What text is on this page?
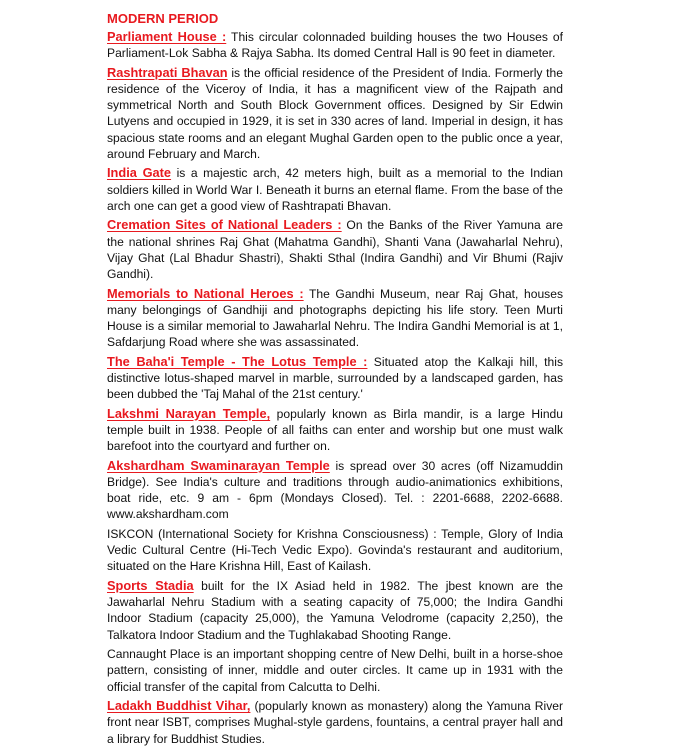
MODERN PERIOD

Parliament House : This circular colonnaded building houses the two Houses of Parliament-Lok Sabha & Rajya Sabha. Its domed Central Hall is 90 feet in diameter.

Rashtrapati Bhavan is the official residence of the President of India. Formerly the residence of the Viceroy of India, it has a magnificent view of the Rajpath and symmetrical North and South Block Government offices. Designed by Sir Edwin Lutyens and occupied in 1929, it is set in 330 acres of land. Imperial in design, it has spacious state rooms and an elegant Mughal Garden open to the public once a year, around February and March.

India Gate is a majestic arch, 42 meters high, built as a memorial to the Indian soldiers killed in World War I. Beneath it burns an eternal flame. From the base of the arch one can get a good view of Rashtrapati Bhavan.

Cremation Sites of National Leaders : On the Banks of the River Yamuna are the national shrines Raj Ghat (Mahatma Gandhi), Shanti Vana (Jawaharlal Nehru), Vijay Ghat (Lal Bhadur Shastri), Shakti Sthal (Indira Gandhi) and Vir Bhumi (Rajiv Gandhi).

Memorials to National Heroes : The Gandhi Museum, near Raj Ghat, houses many belongings of Gandhiji and photographs depicting his life story. Teen Murti House is a similar memorial to Jawaharlal Nehru. The Indira Gandhi Memorial is at 1, Safdarjung Road where she was assassinated.

The Baha'i Temple - The Lotus Temple : Situated atop the Kalkaji hill, this distinctive lotus-shaped marvel in marble, surrounded by a landscaped garden, has been dubbed the 'Taj Mahal of the 21st century.'

Lakshmi Narayan Temple, popularly known as Birla mandir, is a large Hindu temple built in 1938. People of all faiths can enter and worship but one must walk barefoot into the courtyard and further on.

Akshardham Swaminarayan Temple is spread over 30 acres (off Nizamuddin Bridge). See India's culture and traditions through audio-animationics exhibitions, boat ride, etc. 9 am - 6pm (Mondays Closed). Tel. : 2201-6688, 2202-6688. www.akshardham.com

ISKCON (International Society for Krishna Consciousness) : Temple, Glory of India Vedic Cultural Centre (Hi-Tech Vedic Expo). Govinda's restaurant and auditorium, situated on the Hare Krishna Hill, East of Kailash.

Sports Stadia built for the IX Asiad held in 1982. The jbest known are the Jawaharlal Nehru Stadium with a seating capacity of 75,000; the Indira Gandhi Indoor Stadium (capacity 25,000), the Yamuna Velodrome (capacity 2,250), the Talkatora Indoor Stadium and the Tughlakabad Shooting Range.

Cannaught Place is an important shopping centre of New Delhi, built in a horse-shoe pattern, consisting of inner, middle and outer circles. It came up in 1931 with the official transfer of the capital from Calcutta to Delhi.

Ladakh Buddhist Vihar, (popularly known as monastery) along the Yamuna River front near ISBT, comprises Mughal-style gardens, fountains, a central prayer hall and a library for Buddhist Studies.
